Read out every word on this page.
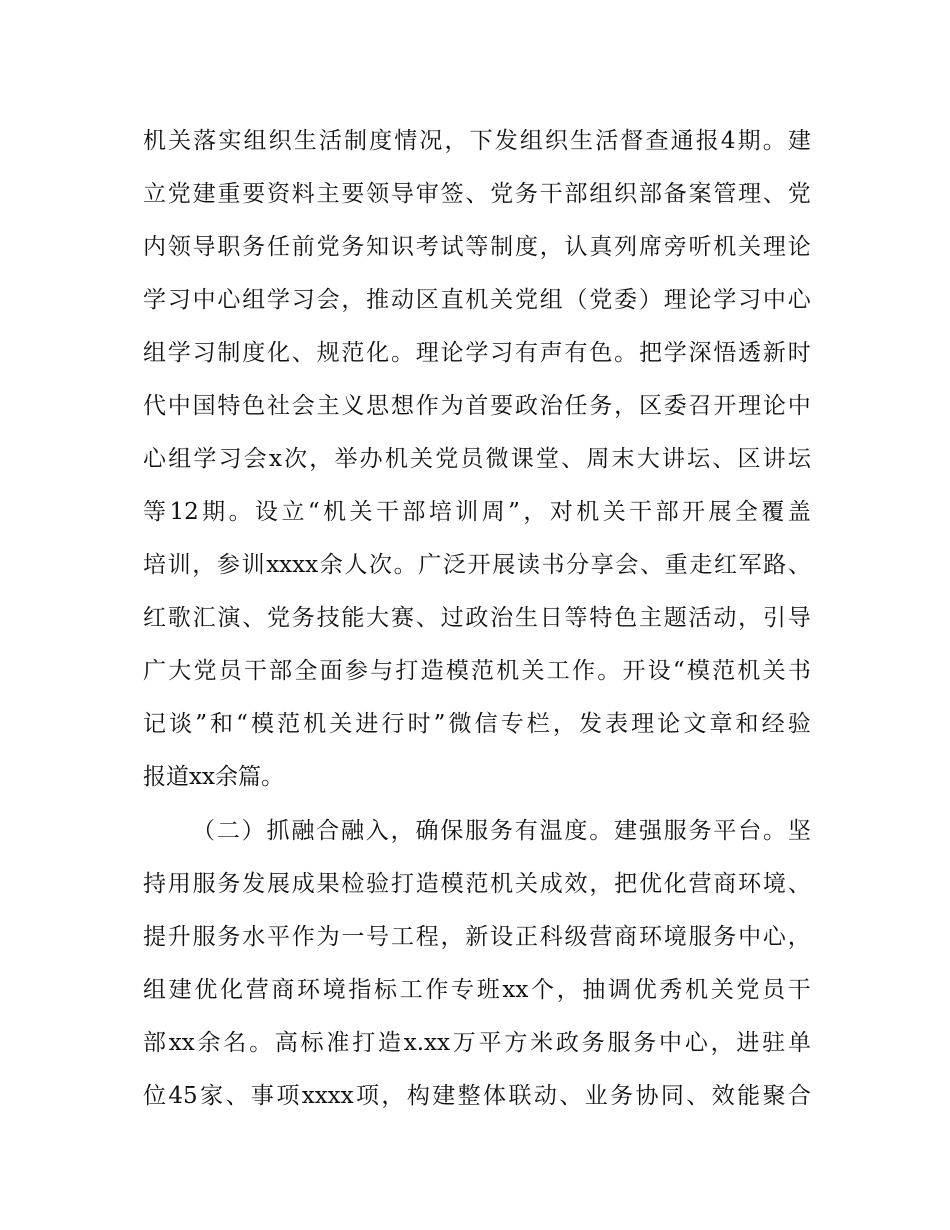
机 关 落 实 组 织 生 活 制 度 情 况 ， 下 发 组 织 生 活 督 查 通 报 4 期 。 建
立 党 建 重 要 资 料 主 要 领 导 审 签 、 党 务 干 部 组 织 部 备 案 管 理 、 党
内 领 导 职 务 任 前 党 务 知 识 考 试 等 制 度 ， 认 真 列 席 旁 听 机 关 理 论
学 习 中 心 组 学 习 会 ， 推 动 区 直 机 关 党 组 （ 党 委 ） 理 论 学 习 中 心
组 学 习 制 度 化 、 规 范 化 。 理 论 学 习 有 声 有 色 。 把 学 深 悟 透 新 时
代 中 国 特 色 社 会 主 义 思 想 作 为 首 要 政 治 任 务 ， 区 委 召 开 理 论 中
心 组 学 习 会 x 次 ， 举 办 机 关 党 员 微 课 堂 、 周 末 大 讲 坛 、 区 讲 坛
等 12 期 。 设 立 “ 机 关 干 部 培 训 周 ” ， 对 机 关 干 部 开 展 全 覆 盖
培 训 ， 参 训 xxxx 余 人 次 。 广 泛 开 展 读 书 分 享 会 、 重 走 红 军 路 、
红 歌 汇 演 、 党 务 技 能 大 赛 、 过 政 治 生 日 等 特 色 主 题 活 动 ， 引 导
广 大 党 员 干 部 全 面 参 与 打 造 模 范 机 关 工 作 。 开 设 “ 模 范 机 关 书
记 谈 ” 和 “ 模 范 机 关 进 行 时 ” 微 信 专 栏 ， 发 表 理 论 文 章 和 经 验
报道xx余篇。
（ 二 ） 抓 融 合 融 入 ， 确 保 服 务 有 温 度 。 建 强 服 务 平 台 。 坚
持 用 服 务 发 展 成 果 检 验 打 造 模 范 机 关 成 效 ， 把 优 化 营 商 环 境 、
提 升 服 务 水 平 作 为 一 号 工 程 ， 新 设 正 科 级 营 商 环 境 服 务 中 心 ，
组 建 优 化 营 商 环 境 指 标 工 作 专 班 xx 个 ， 抽 调 优 秀 机 关 党 员 干
部 xx 余 名 。 高 标 准 打 造 x.xx 万 平 方 米 政 务 服 务 中 心 ， 进 驻 单
位 45 家 、 事 项 xxxx 项 ， 构 建 整 体 联 动 、 业 务 协 同 、 效 能 聚 合
